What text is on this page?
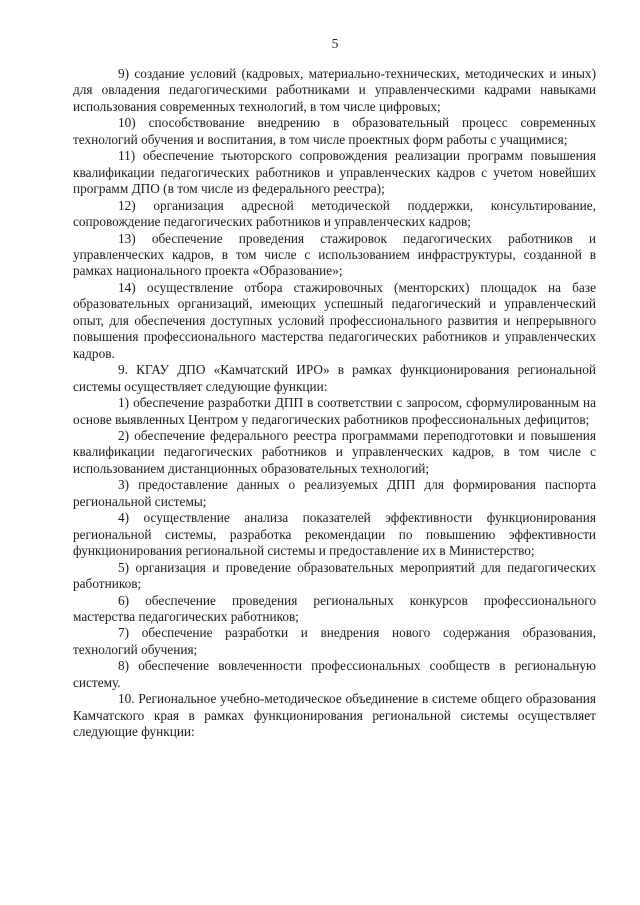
5

9) создание условий (кадровых, материально-технических, методических и иных) для овладения педагогическими работниками и управленческими кадрами навыками использования современных технологий, в том числе цифровых;

10) способствование внедрению в образовательный процесс современных технологий обучения и воспитания, в том числе проектных форм работы с учащимися;

11) обеспечение тьюторского сопровождения реализации программ повышения квалификации педагогических работников и управленческих кадров с учетом новейших программ ДПО (в том числе из федерального реестра);

12) организация адресной методической поддержки, консультирование, сопровождение педагогических работников и управленческих кадров;

13) обеспечение проведения стажировок педагогических работников и управленческих кадров, в том числе с использованием инфраструктуры, созданной в рамках национального проекта «Образование»;

14) осуществление отбора стажировочных (менторских) площадок на базе образовательных организаций, имеющих успешный педагогический и управленческий опыт, для обеспечения доступных условий профессионального развития и непрерывного повышения профессионального мастерства педагогических работников и управленческих кадров.

9. КГАУ ДПО «Камчатский ИРО» в рамках функционирования региональной системы осуществляет следующие функции:

1) обеспечение разработки ДПП в соответствии с запросом, сформулированным на основе выявленных Центром у педагогических работников профессиональных дефицитов;

2) обеспечение федерального реестра программами переподготовки и повышения квалификации педагогических работников и управленческих кадров, в том числе с использованием дистанционных образовательных технологий;

3) предоставление данных о реализуемых ДПП для формирования паспорта региональной системы;

4) осуществление анализа показателей эффективности функционирования региональной системы, разработка рекомендации по повышению эффективности функционирования региональной системы и предоставление их в Министерство;

5) организация и проведение образовательных мероприятий для педагогических работников;

6) обеспечение проведения региональных конкурсов профессионального мастерства педагогических работников;

7) обеспечение разработки и внедрения нового содержания образования, технологий обучения;

8) обеспечение вовлеченности профессиональных сообществ в региональную систему.

10. Региональное учебно-методическое объединение в системе общего образования Камчатского края в рамках функционирования региональной системы осуществляет следующие функции:
